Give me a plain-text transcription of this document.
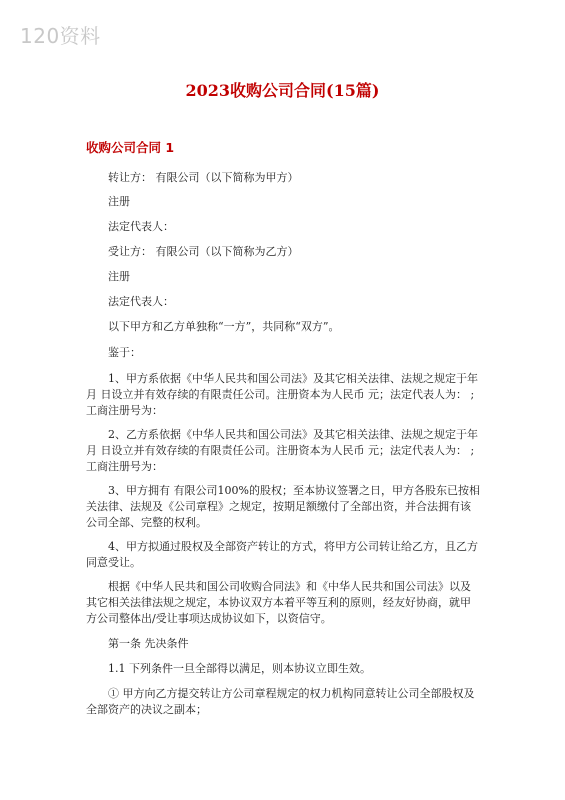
120资料
2023收购公司合同(15篇)
收购公司合同 1

转让方： 有限公司（以下简称为甲方）

注册

法定代表人：

受让方： 有限公司（以下简称为乙方）

注册

法定代表人：

以下甲方和乙方单独称“一方”，共同称“双方”。

鉴于：

1、甲方系依据《中华人民共和国公司法》及其它相关法律、法规之规定于年 月 日设立并有效存续的有限责任公司。注册资本为人民币 元；法定代表人为： ;工商注册号为：

2、乙方系依据《中华人民共和国公司法》及其它相关法律、法规之规定于年 月 日设立并有效存续的有限责任公司。注册资本为人民币 元；法定代表人为： ;工商注册号为：

3、甲方拥有 有限公司100%的股权；至本协议签署之日，甲方各股东已按相关法律、法规及《公司章程》之规定，按期足额缴付了全部出资，并合法拥有该公司全部、完整的权利。

4、甲方拟通过股权及全部资产转让的方式，将甲方公司转让给乙方，且乙方同意受让。

根据《中华人民共和国公司收购合同法》和《中华人民共和国公司法》以及其它相关法律法规之规定，本协议双方本着平等互利的原则，经友好协商，就甲方公司整体出/受让事项达成协议如下，以资信守。

第一条 先决条件

1.1 下列条件一旦全部得以满足，则本协议立即生效。

① 甲方向乙方提交转让方公司章程规定的权力机构同意转让公司全部股权及全部资产的决议之副本；
